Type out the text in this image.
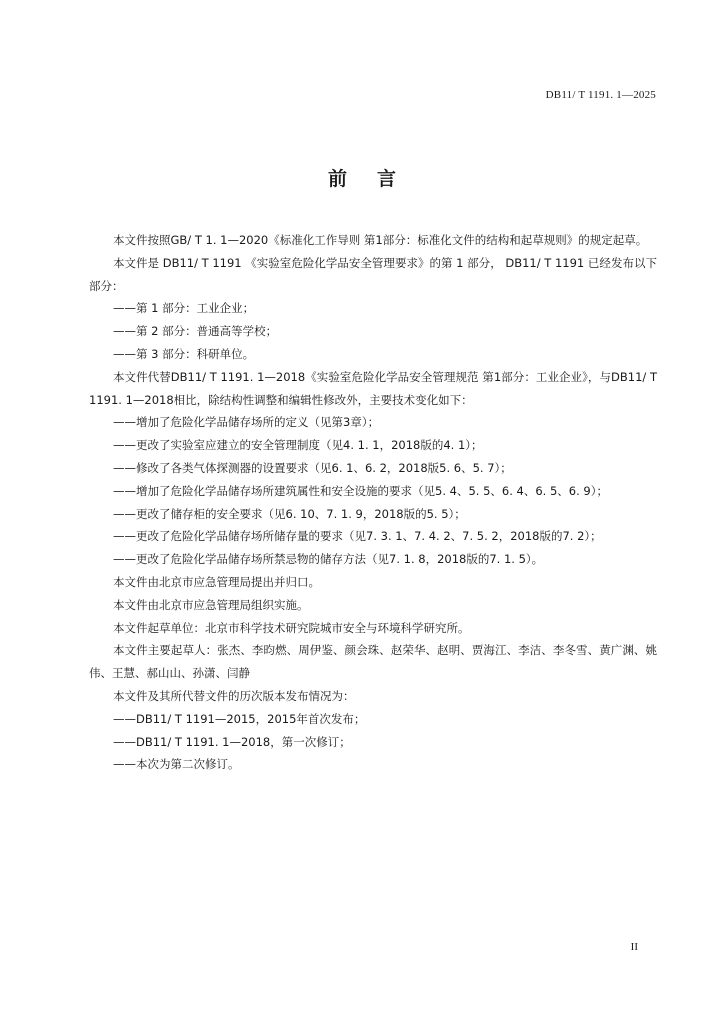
DB11/ T 1191. 1—2025
前言

本文件按照GB/ T 1. 1—2020《标准化工作导则 第1部分：标准化文件的结构和起草规则》的规定起草。

本文件是 DB11/ T 1191 《实验室危险化学品安全管理要求》的第 1 部分， DB11/ T 1191 已经发布以下部分：

——第 1 部分：工业企业；

——第 2 部分：普通高等学校；

——第 3 部分：科研单位。

本文件代替DB11/ T 1191. 1—2018《实验室危险化学品安全管理规范 第1部分：工业企业》，与DB11/ T 1191. 1—2018相比，除结构性调整和编辑性修改外，主要技术变化如下：

——增加了危险化学品储存场所的定义（见第3章）；

——更改了实验室应建立的安全管理制度（见4. 1. 1，2018版的4. 1）；

——修改了各类气体探测器的设置要求（见6. 1、6. 2，2018版5. 6、5. 7）；

——增加了危险化学品储存场所建筑属性和安全设施的要求（见5. 4、5. 5、6. 4、6. 5、6. 9）；

——更改了储存柜的安全要求（见6. 10、7. 1. 9，2018版的5. 5）；

——更改了危险化学品储存场所储存量的要求（见7. 3. 1、7. 4. 2、7. 5. 2，2018版的7. 2）；

——更改了危险化学品储存场所禁忌物的储存方法（见7. 1. 8，2018版的7. 1. 5）。

本文件由北京市应急管理局提出并归口。

本文件由北京市应急管理局组织实施。

本文件起草单位：北京市科学技术研究院城市安全与环境科学研究所。

本文件主要起草人：张杰、李昀燃、周伊鉴、颜会珠、赵荣华、赵明、贾海江、李洁、李冬雪、黄广渊、姚伟、王慧、郝山山、孙潇、闫静

本文件及其所代替文件的历次版本发布情况为：

——DB11/ T 1191—2015，2015年首次发布；

——DB11/ T 1191. 1—2018，第一次修订；

——本次为第二次修订。

II
